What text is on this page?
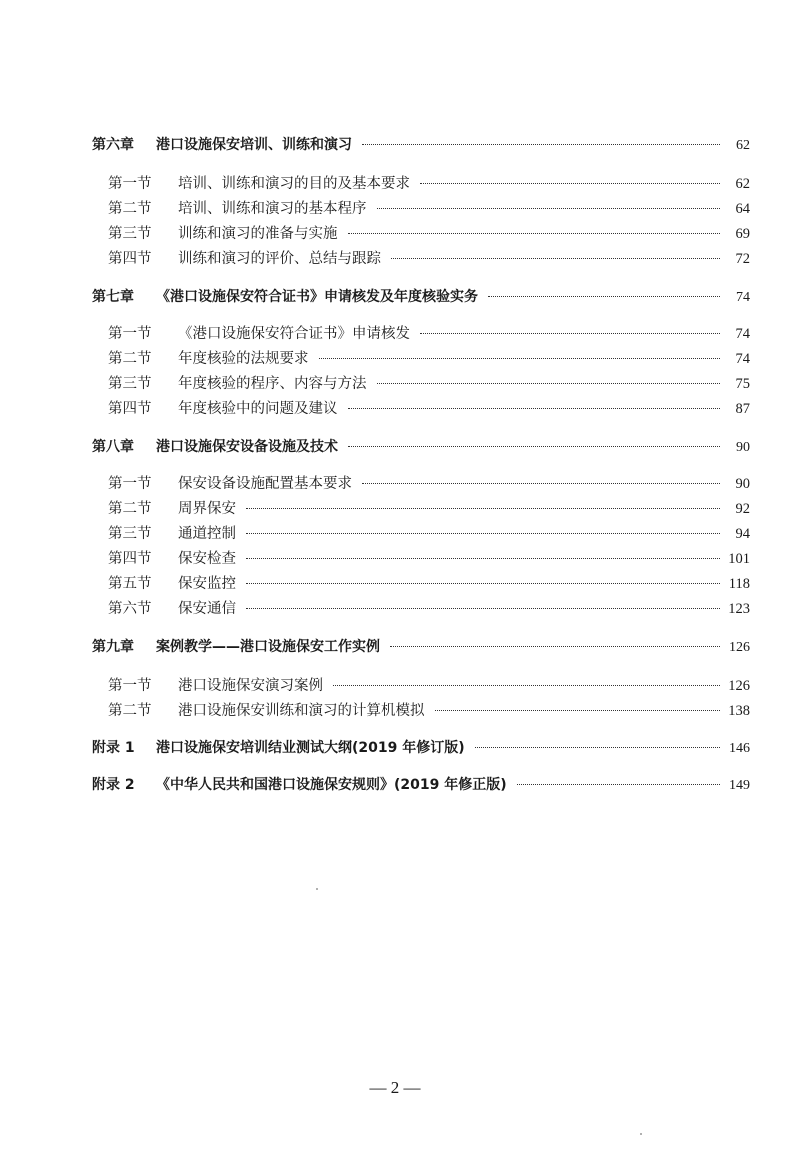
第六章	港口设施保安培训、训练和演习	62
第一节	培训、训练和演习的目的及基本要求	62
第二节	培训、训练和演习的基本程序	64
第三节	训练和演习的准备与实施	69
第四节	训练和演习的评价、总结与跟踪	72
第七章	《港口设施保安符合证书》申请核发及年度核验实务	74
第一节	《港口设施保安符合证书》申请核发	74
第二节	年度核验的法规要求	74
第三节	年度核验的程序、内容与方法	75
第四节	年度核验中的问题及建议	87
第八章	港口设施保安设备设施及技术	90
第一节	保安设备设施配置基本要求	90
第二节	周界保安	92
第三节	通道控制	94
第四节	保安检查	101
第五节	保安监控	118
第六节	保安通信	123
第九章	案例教学——港口设施保安工作实例	126
第一节	港口设施保安演习案例	126
第二节	港口设施保安训练和演习的计算机模拟	138
附录 1	港口设施保安培训结业测试大纲(2019 年修订版)	146
附录 2	《中华人民共和国港口设施保安规则》(2019 年修正版)	149
— 2 —
